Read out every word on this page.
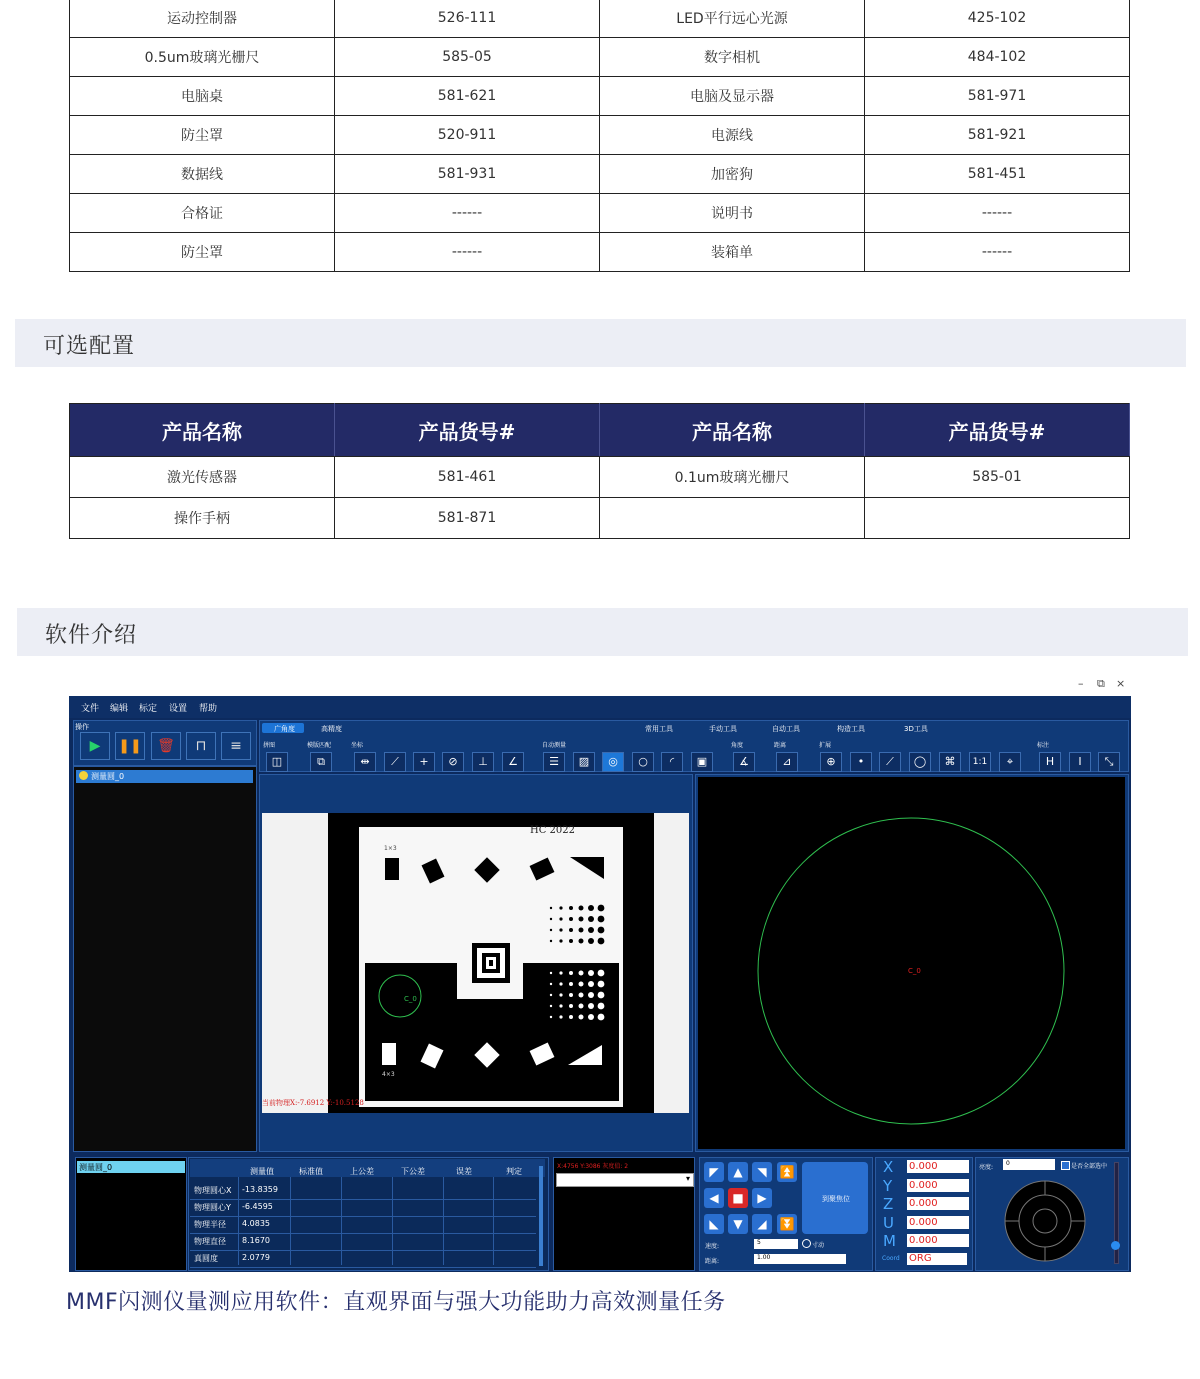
运动控制器	526-111	LED平行远心光源	425-102
0.5um玻璃光栅尺	585-05	数字相机	484-102
电脑桌	581-621	电脑及显示器	581-971
防尘罩	520-911	电源线	581-921
数据线	581-931	加密狗	581-451
合格证	------	说明书	------
防尘罩	------	装箱单	------
可选配置
产品名称	产品货号#	产品名称	产品货号#
激光传感器	581-461	0.1um玻璃光栅尺	585-01
操作手柄	581-871		
软件介绍
– ⧉ ×
文件 编辑 标定 设置 帮助
操作
▶	❚❚	🗑	⊓	≡
广角度	高精度	常用工具	手动工具	自动工具	构造工具	3D工具
拼图	模版匹配	坐标	自动测量	角度	距离	扩展	标注
◫	⧉	⇹	⟋	+	⊘	⊥	∠	☰	▨	◎	○	◜	▣	∡	⊿	⊕	•	⟋	◯	⌘	1:1	⌖	H	I	⤡
测量圆_0
HC 2022
1×3
4×3
C_0
当前物理X:-7.6912 Y:-10.5128
C_0
测量圆_0	测量值	标准值	上公差	下公差	误差	判定
物理圆心X -13.8359
物理圆心Y -6.4595
物理半径 4.0835
物理直径 8.1670
真圆度	2.0779
X:4756 Y:3086 灰度值: 2
▾	◤	▲	◥	⏫
◀	■	▶
◣	▼	◢	⏬
到聚焦位
速度:
5	寸动
距离:
1.00
X 0.000
Y 0.000
Z 0.000
U 0.000
M 0.000
Coord ORG
亮度:
0	是否全部选中
MMF闪测仪量测应用软件：直观界面与强大功能助力高效测量任务
